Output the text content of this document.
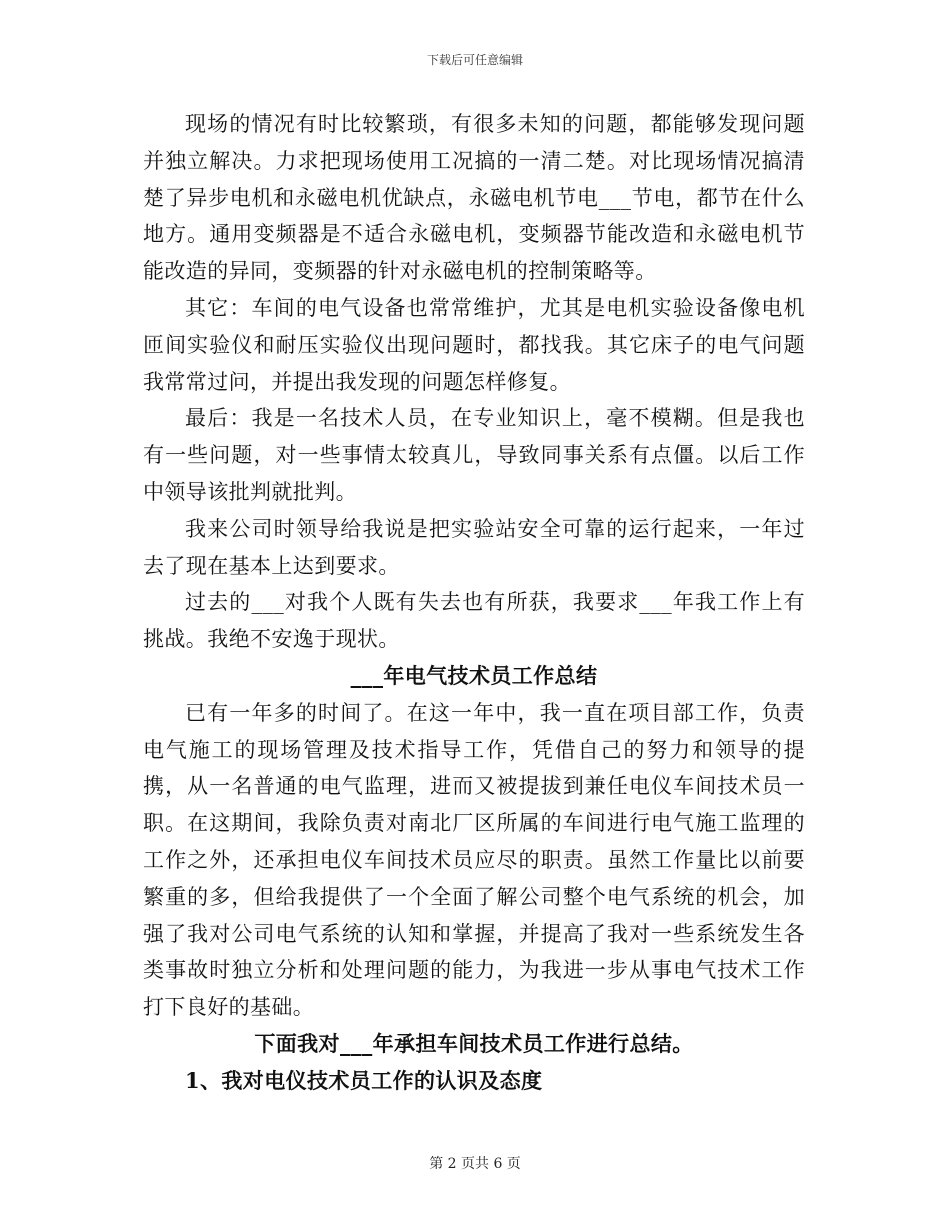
下载后可任意编辑

现场的情况有时比较繁琐，有很多未知的问题，都能够发现问题并独立解决。力求把现场使用工况搞的一清二楚。对比现场情况搞清楚了异步电机和永磁电机优缺点，永磁电机节电___节电，都节在什么地方。通用变频器是不适合永磁电机，变频器节能改造和永磁电机节能改造的异同，变频器的针对永磁电机的控制策略等。

其它：车间的电气设备也常常维护，尤其是电机实验设备像电机匝间实验仪和耐压实验仪出现问题时，都找我。其它床子的电气问题我常常过问，并提出我发现的问题怎样修复。

最后：我是一名技术人员，在专业知识上，毫不模糊。但是我也有一些问题，对一些事情太较真儿，导致同事关系有点僵。以后工作中领导该批判就批判。

我来公司时领导给我说是把实验站安全可靠的运行起来，一年过去了现在基本上达到要求。

过去的___对我个人既有失去也有所获，我要求___年我工作上有挑战。我绝不安逸于现状。

___年电气技术员工作总结

已有一年多的时间了。在这一年中，我一直在项目部工作，负责电气施工的现场管理及技术指导工作，凭借自己的努力和领导的提携，从一名普通的电气监理，进而又被提拔到兼任电仪车间技术员一职。在这期间，我除负责对南北厂区所属的车间进行电气施工监理的工作之外，还承担电仪车间技术员应尽的职责。虽然工作量比以前要繁重的多，但给我提供了一个全面了解公司整个电气系统的机会，加强了我对公司电气系统的认知和掌握，并提高了我对一些系统发生各类事故时独立分析和处理问题的能力，为我进一步从事电气技术工作打下良好的基础。

下面我对___年承担车间技术员工作进行总结。

1、我对电仪技术员工作的认识及态度

第 2 页共 6 页
